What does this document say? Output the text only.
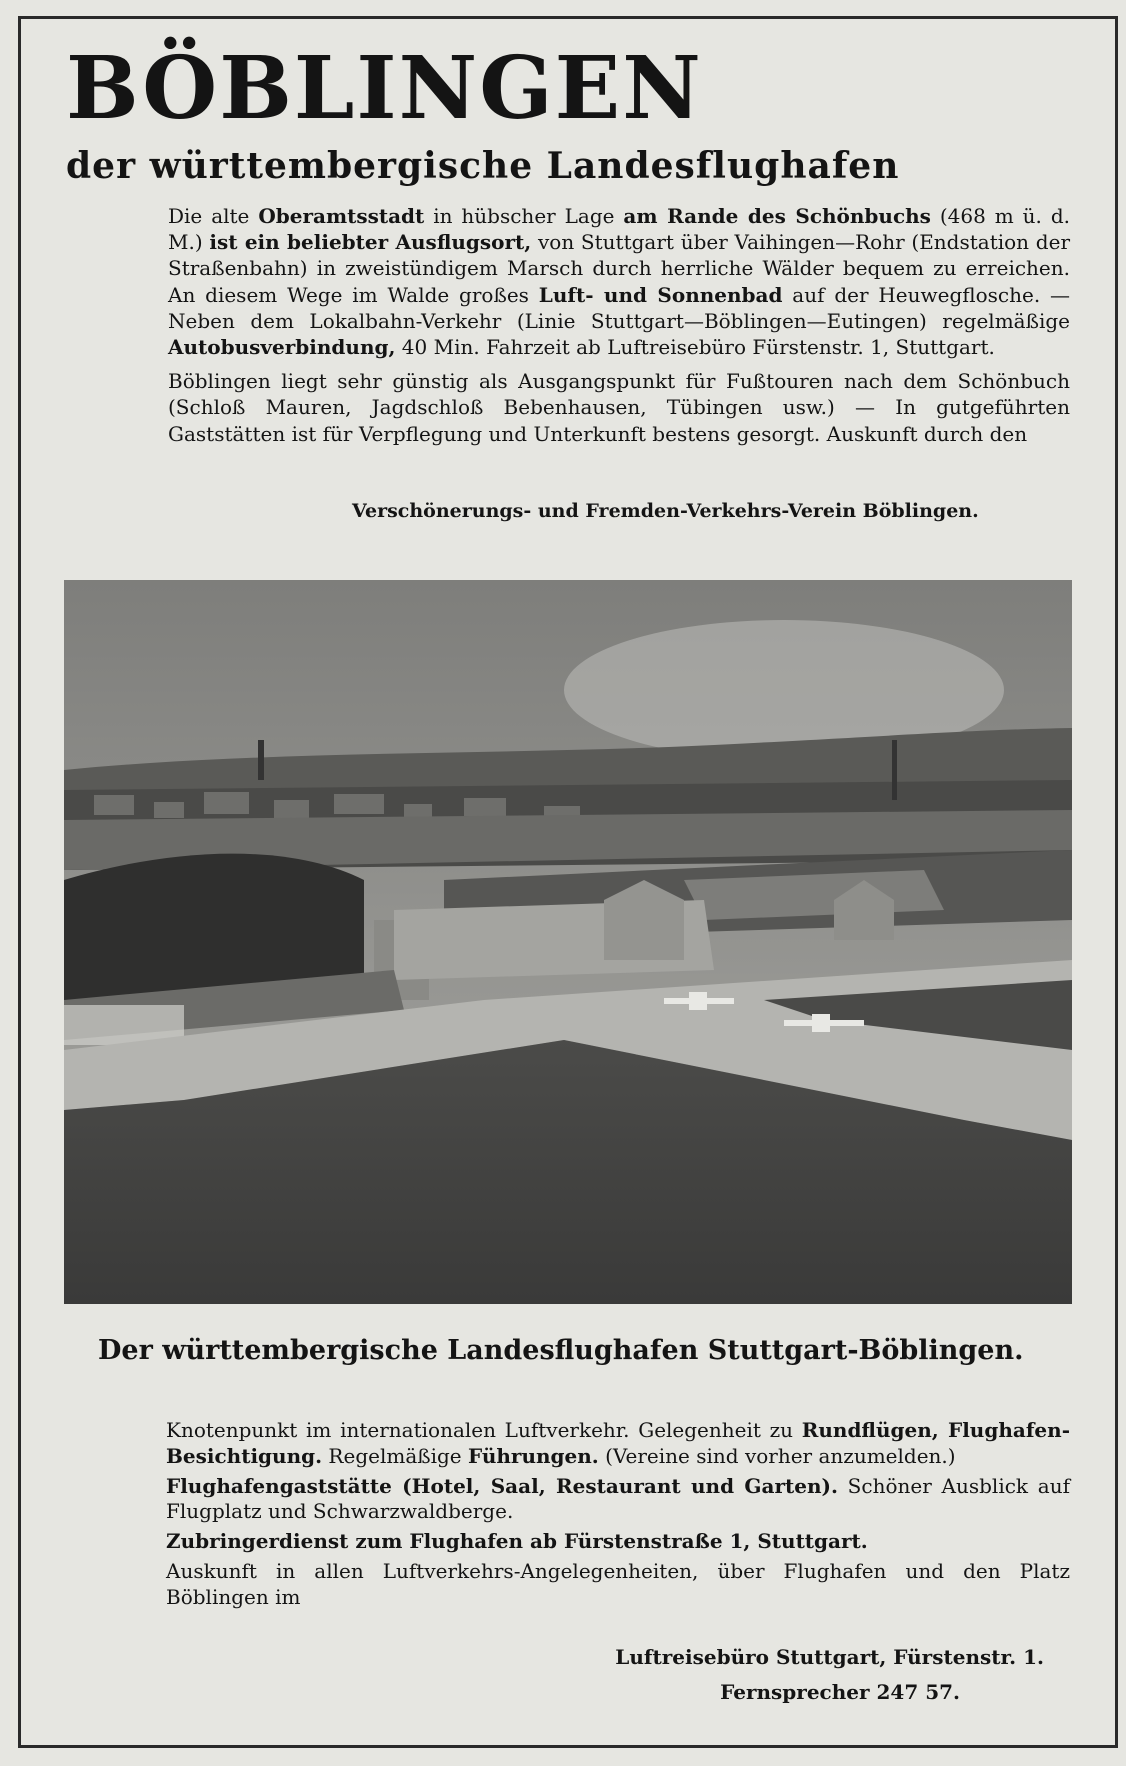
BÖBLINGEN
der württembergische Landesflughafen

Die alte Oberamtsstadt in hübscher Lage am Rande des Schönbuchs (468 m ü. d. M.) ist ein beliebter Ausflugsort, von Stuttgart über Vaihingen—Rohr (Endstation der Straßenbahn) in zweistündigem Marsch durch herrliche Wälder bequem zu erreichen. An diesem Wege im Walde großes Luft- und Sonnenbad auf der Heuwegflosche. — Neben dem Lokalbahn-Verkehr (Linie Stuttgart—Böblingen—Eutingen) regelmäßige Autobusverbindung, 40 Min. Fahrzeit ab Luftreisebüro Fürstenstr. 1, Stuttgart.

Böblingen liegt sehr günstig als Ausgangspunkt für Fußtouren nach dem Schönbuch (Schloß Mauren, Jagdschloß Bebenhausen, Tübingen usw.) — In gutgeführten Gaststätten ist für Verpflegung und Unterkunft bestens gesorgt. Auskunft durch den

Verschönerungs- und Fremden-Verkehrs-Verein Böblingen.
Der württembergische Landesflughafen Stuttgart-Böblingen.

Knotenpunkt im internationalen Luftverkehr. Gelegenheit zu Rundflügen, Flughafen-Besichtigung. Regelmäßige Führungen. (Vereine sind vorher anzumelden.)

Flughafengaststätte (Hotel, Saal, Restaurant und Garten). Schöner Ausblick auf Flugplatz und Schwarzwaldberge.

Zubringerdienst zum Flughafen ab Fürstenstraße 1, Stuttgart.

Auskunft in allen Luftverkehrs-Angelegenheiten, über Flughafen und den Platz Böblingen im

Luftreisebüro Stuttgart, Fürstenstr. 1.
Fernsprecher 247 57.
